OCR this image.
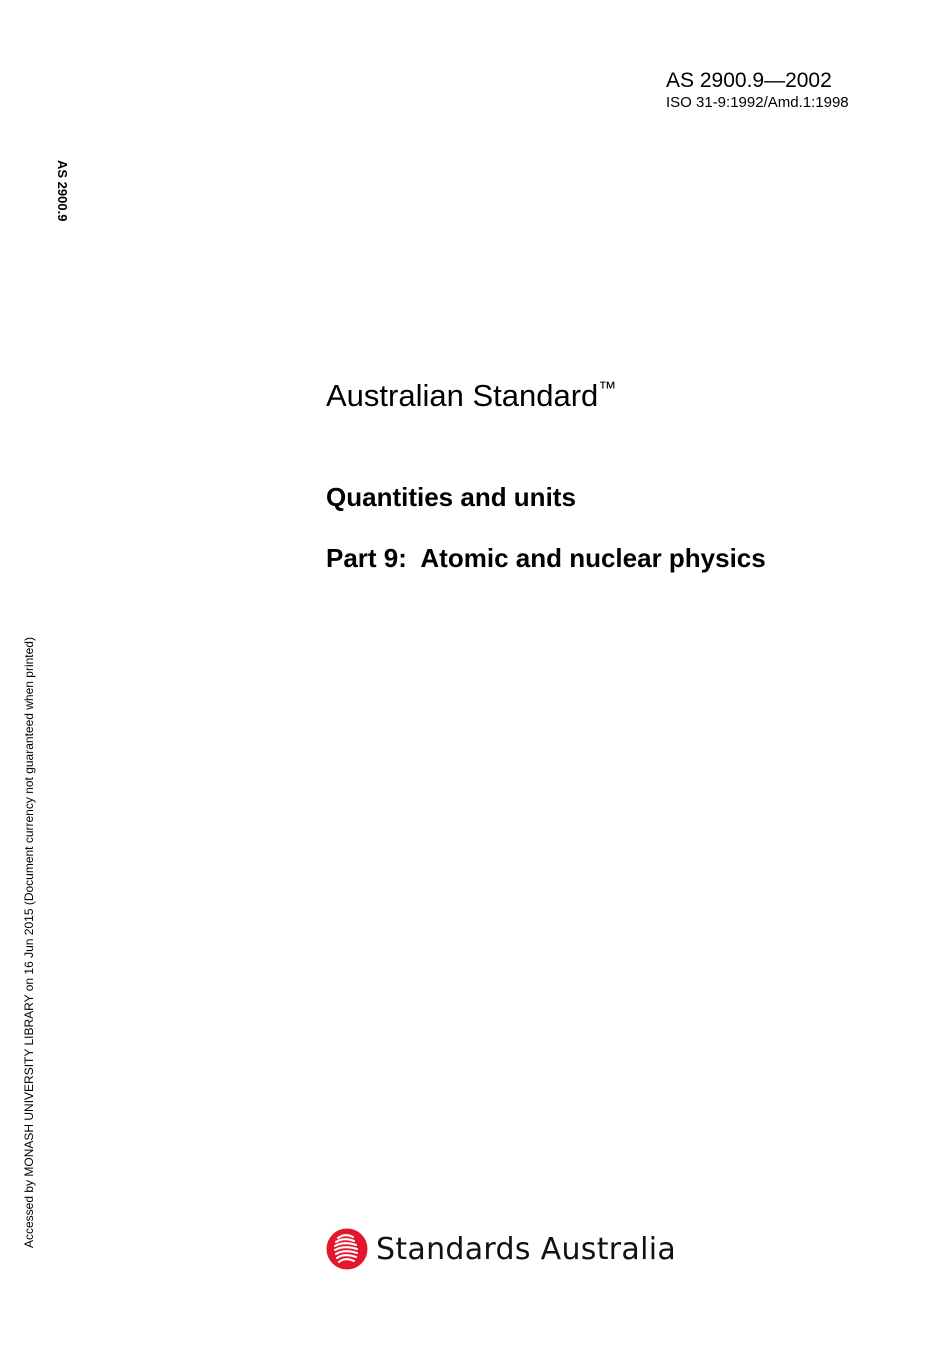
AS 2900.9—2002
ISO 31-9:1992/Amd.1:1998
AS 2900.9
Accessed by MONASH UNIVERSITY LIBRARY on 16 Jun 2015 (Document currency not guaranteed when printed)
Australian Standard™
Quantities and units
Part 9: Atomic and nuclear physics
Standards Australia
